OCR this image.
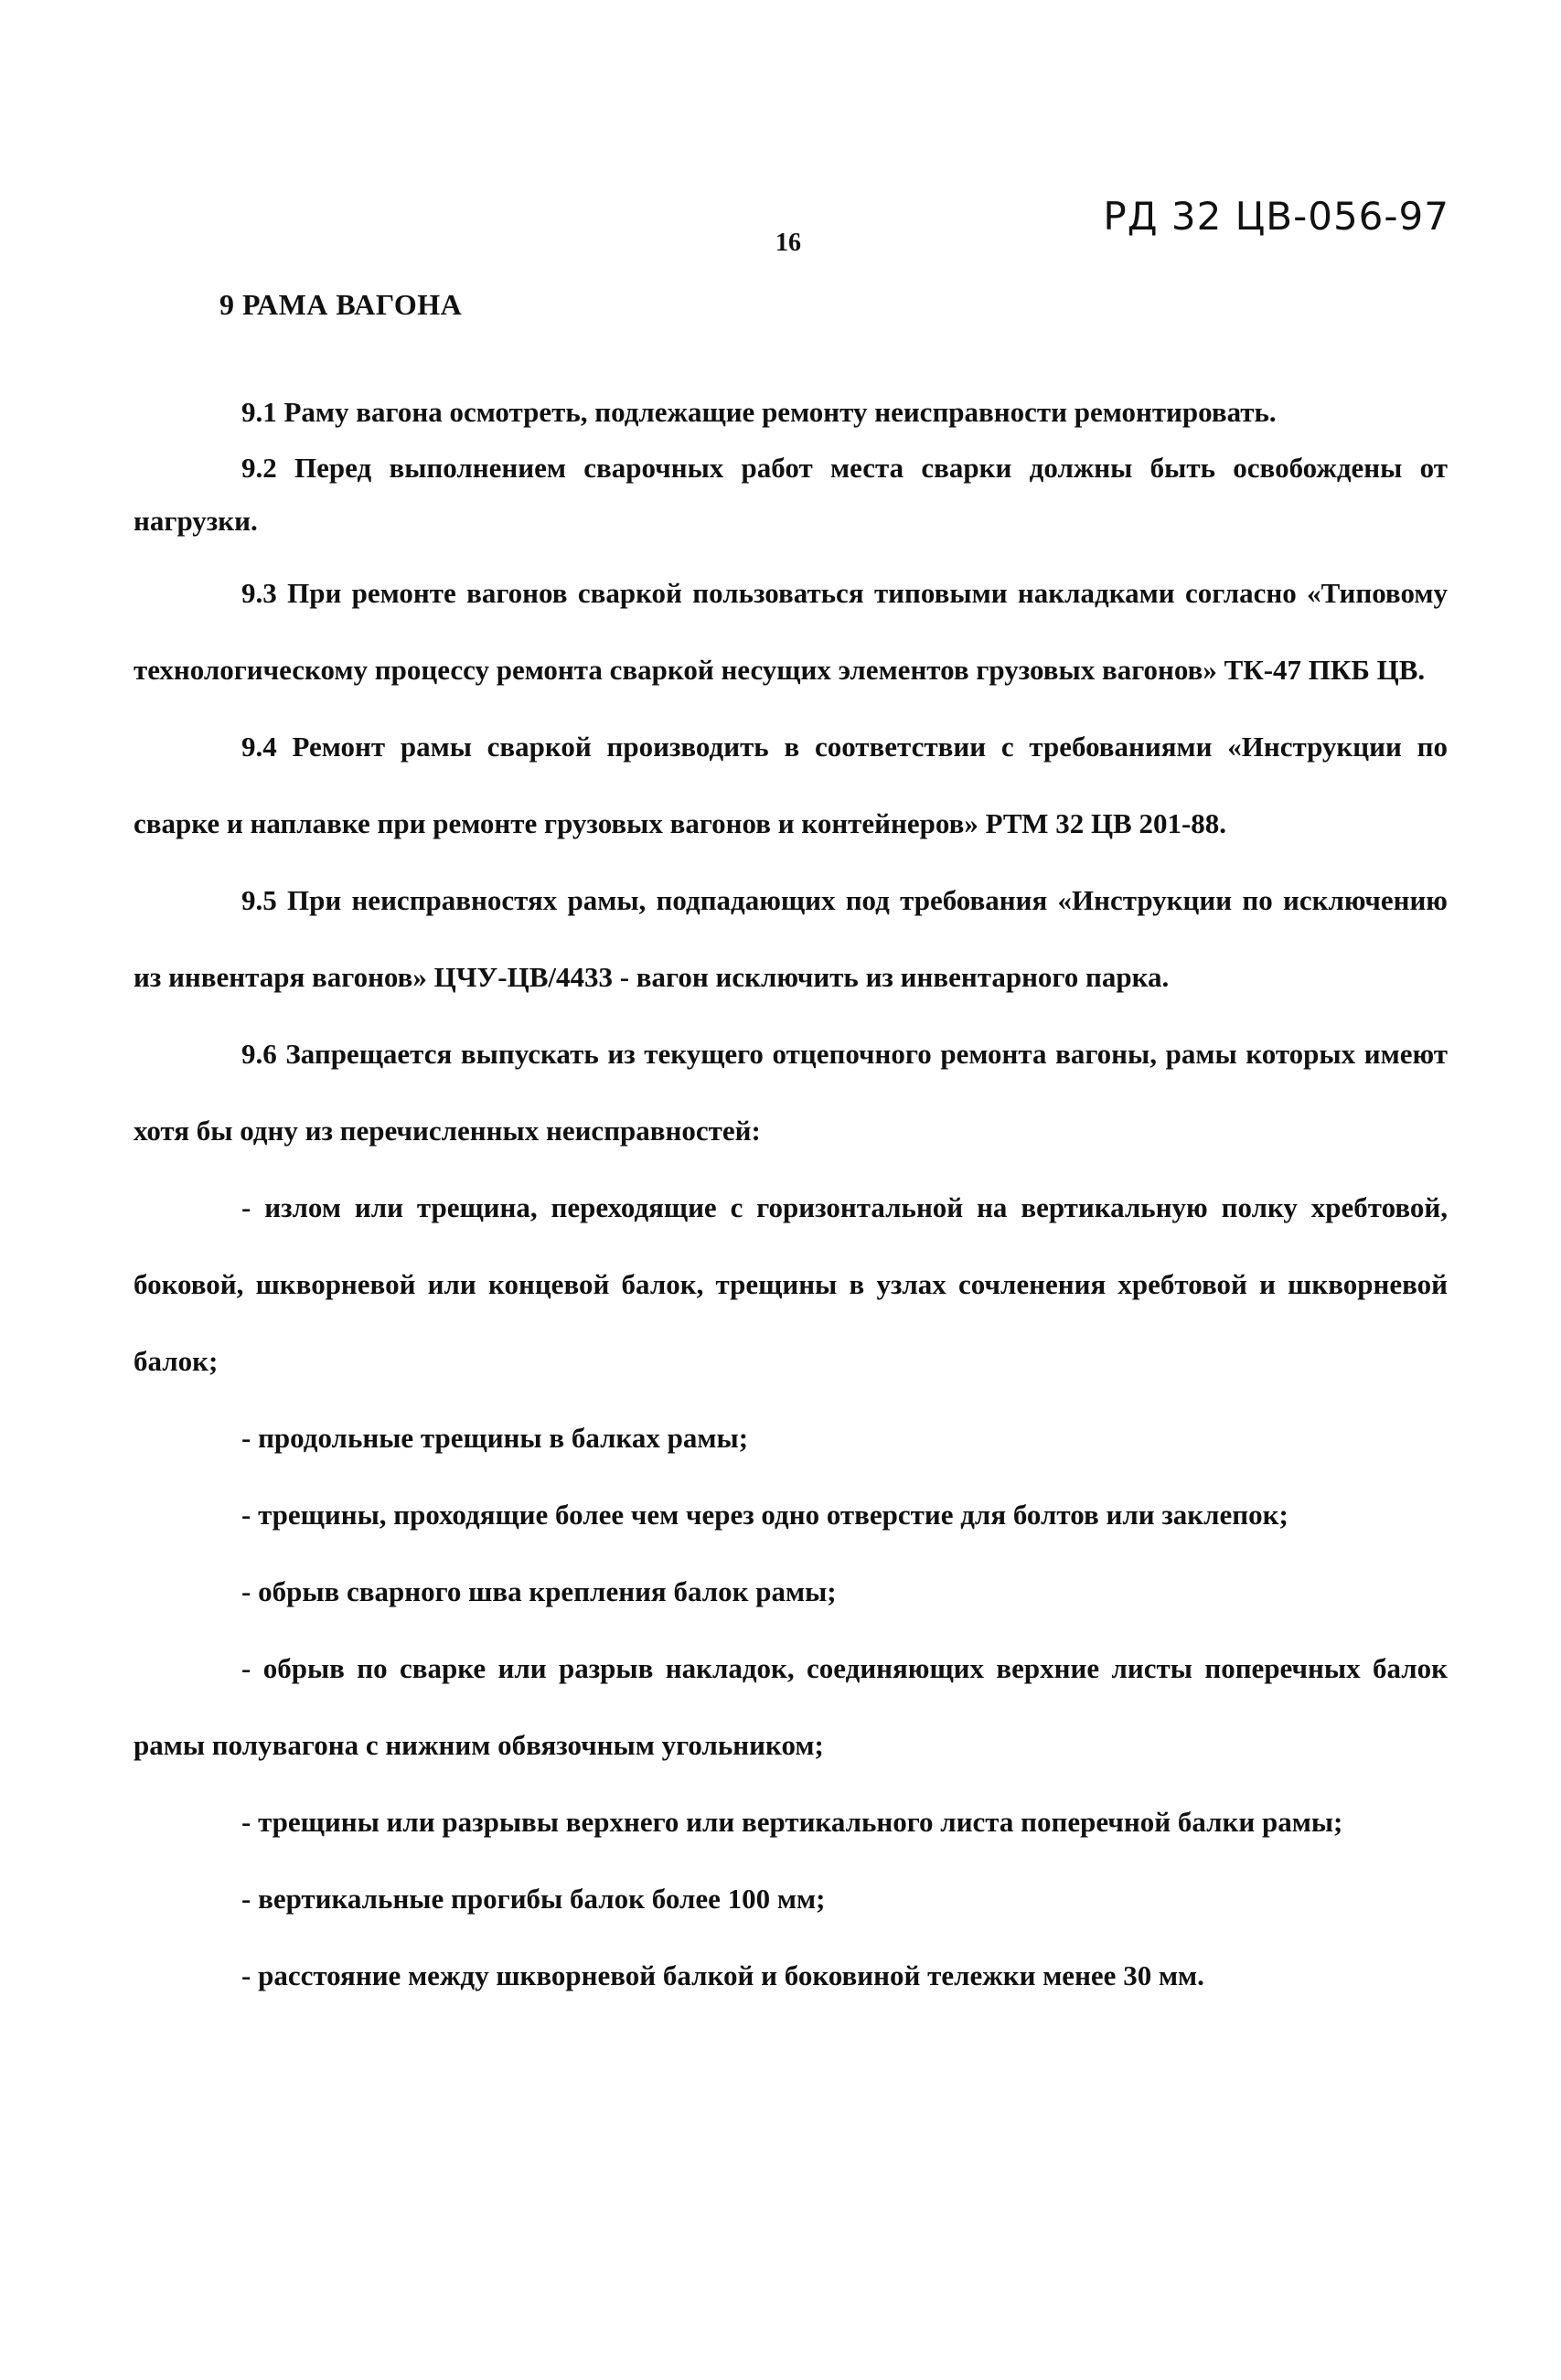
РД 32 ЦВ-056-97
16
9 РАМА ВАГОНА

9.1 Раму вагона осмотреть, подлежащие ремонту неисправности ремонтировать.

9.2 Перед выполнением сварочных работ места сварки должны быть освобождены от нагрузки.

9.3 При ремонте вагонов сваркой пользоваться типовыми накладками согласно «Типовому технологическому процессу ремонта сваркой несущих элементов грузовых вагонов» ТК-47 ПКБ ЦВ.

9.4 Ремонт рамы сваркой производить в соответствии с требованиями «Инструкции по сварке и наплавке при ремонте грузовых вагонов и контейнеров» РТМ 32 ЦВ 201-88.

9.5 При неисправностях рамы, подпадающих под требования «Инструкции по исключению из инвентаря вагонов» ЦЧУ-ЦВ/4433 - вагон исключить из инвентарного парка.

9.6 Запрещается выпускать из текущего отцепочного ремонта вагоны, рамы которых имеют хотя бы одну из перечисленных неисправностей:

- излом или трещина, переходящие с горизонтальной на вертикальную полку хребтовой, боковой, шкворневой или концевой балок, трещины в узлах сочленения хребтовой и шкворневой балок;

- продольные трещины в балках рамы;

- трещины, проходящие более чем через одно отверстие для болтов или заклепок;

- обрыв сварного шва крепления балок рамы;

- обрыв по сварке или разрыв накладок, соединяющих верхние листы поперечных балок рамы полувагона с нижним обвязочным угольником;

- трещины или разрывы верхнего или вертикального листа поперечной балки рамы;

- вертикальные прогибы балок более 100 мм;

- расстояние между шкворневой балкой и боковиной тележки менее 30 мм.
